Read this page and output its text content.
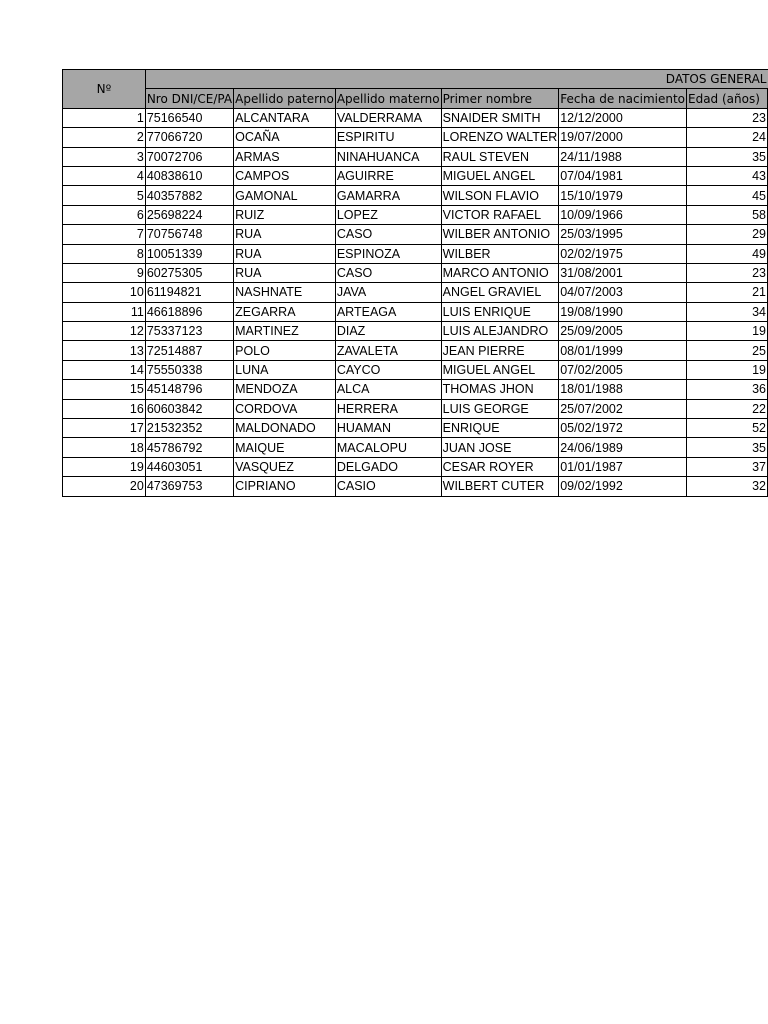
Nº	DATOS GENERAL					
	Nro DNI/CE/PA	Apellido paterno	Apellido materno	Primer nombre	Fecha de nacimiento	Edad (años)
1	75166540	ALCANTARA	VALDERRAMA	SNAIDER SMITH	12/12/2000	23
2	77066720	OCAÑA	ESPIRITU	LORENZO WALTER	19/07/2000	24
3	70072706	ARMAS	NINAHUANCA	RAUL STEVEN	24/11/1988	35
4	40838610	CAMPOS	AGUIRRE	MIGUEL ANGEL	07/04/1981	43
5	40357882	GAMONAL	GAMARRA	WILSON FLAVIO	15/10/1979	45
6	25698224	RUIZ	LOPEZ	VICTOR RAFAEL	10/09/1966	58
7	70756748	RUA	CASO	WILBER ANTONIO	25/03/1995	29
8	10051339	RUA	ESPINOZA	WILBER	02/02/1975	49
9	60275305	RUA	CASO	MARCO ANTONIO	31/08/2001	23
10	61194821	NASHNATE	JAVA	ANGEL GRAVIEL	04/07/2003	21
11	46618896	ZEGARRA	ARTEAGA	LUIS ENRIQUE	19/08/1990	34
12	75337123	MARTINEZ	DIAZ	LUIS ALEJANDRO	25/09/2005	19
13	72514887	POLO	ZAVALETA	JEAN PIERRE	08/01/1999	25
14	75550338	LUNA	CAYCO	MIGUEL ANGEL	07/02/2005	19
15	45148796	MENDOZA	ALCA	THOMAS JHON	18/01/1988	36
16	60603842	CORDOVA	HERRERA	LUIS GEORGE	25/07/2002	22
17	21532352	MALDONADO	HUAMAN	ENRIQUE	05/02/1972	52
18	45786792	MAIQUE	MACALOPU	JUAN JOSE	24/06/1989	35
19	44603051	VASQUEZ	DELGADO	CESAR ROYER	01/01/1987	37
20	47369753	CIPRIANO	CASIO	WILBERT CUTER	09/02/1992	32
